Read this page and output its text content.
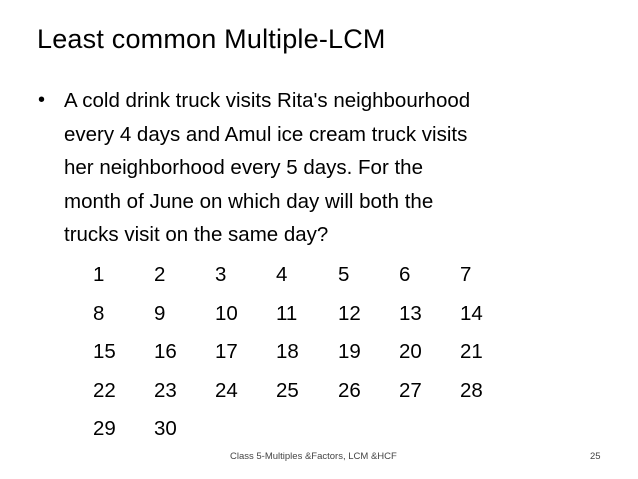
Least common Multiple-LCM
• A cold drink truck visits Rita's neighbourhood
every 4 days and Amul ice cream truck visits
her neighborhood every 5 days. For the
month of June on which day will both the
trucks visit on the same day?

1 2 3 4 5 6 7
8 9 10 11 12 13 14
15 16 17 18 19 20 21
22 23 24 25 26 27 28
29 30
Class 5-Multiples &Factors, LCM &HCF	25
